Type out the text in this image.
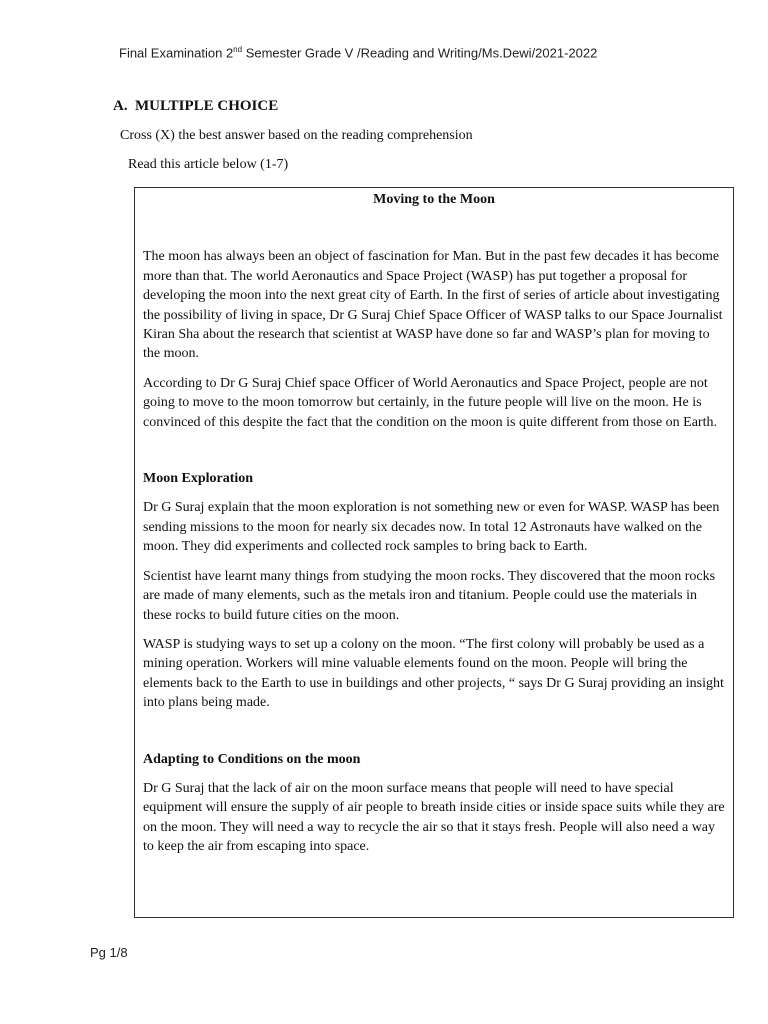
Final Examination 2nd Semester Grade V /Reading and Writing/Ms.Dewi/2021-2022
A. MULTIPLE CHOICE
Cross (X) the best answer based on the reading comprehension
Read this article below (1-7)
Moving to the Moon

The moon has always been an object of fascination for Man. But in the past few decades it has become more than that. The world Aeronautics and Space Project (WASP) has put together a proposal for developing the moon into the next great city of Earth. In the first of series of article about investigating the possibility of living in space, Dr G Suraj Chief Space Officer of WASP talks to our Space Journalist Kiran Sha about the research that scientist at WASP have done so far and WASP’s plan for moving to the moon.

According to Dr G Suraj Chief space Officer of World Aeronautics and Space Project, people are not going to move to the moon tomorrow but certainly, in the future people will live on the moon. He is convinced of this despite the fact that the condition on the moon is quite different from those on Earth.

Moon Exploration

Dr G Suraj explain that the moon exploration is not something new or even for WASP. WASP has been sending missions to the moon for nearly six decades now. In total 12 Astronauts have walked on the moon. They did experiments and collected rock samples to bring back to Earth.

Scientist have learnt many things from studying the moon rocks. They discovered that the moon rocks are made of many elements, such as the metals iron and titanium. People could use the materials in these rocks to build future cities on the moon.

WASP is studying ways to set up a colony on the moon. “The first colony will probably be used as a mining operation. Workers will mine valuable elements found on the moon. People will bring the elements back to the Earth to use in buildings and other projects, “ says Dr G Suraj providing an insight into plans being made.

Adapting to Conditions on the moon

Dr G Suraj that the lack of air on the moon surface means that people will need to have special equipment will ensure the supply of air people to breath inside cities or inside space suits while they are on the moon. They will need a way to recycle the air so that it stays fresh. People will also need a way to keep the air from escaping into space.

Pg 1/8
